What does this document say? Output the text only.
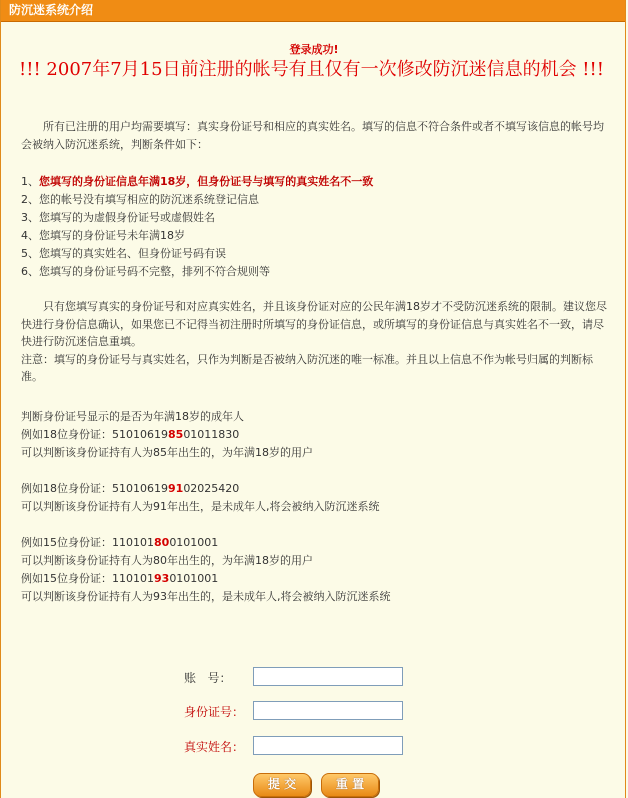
防沉迷系统介绍
登录成功!
!!! 2007年7月15日前注册的帐号有且仅有一次修改防沉迷信息的机会 !!!
所有已注册的用户均需要填写：真实身份证号和相应的真实姓名。填写的信息不符合条件或者不填写该信息的帐号均会被纳入防沉迷系统，判断条件如下：
1、您填写的身份证信息年满18岁，但身份证号与填写的真实姓名不一致
2、您的帐号没有填写相应的防沉迷系统登记信息
3、您填写的为虚假身份证号或虚假姓名
4、您填写的身份证号未年满18岁
5、您填写的真实姓名、但身份证号码有误
6、您填写的身份证号码不完整，排列不符合规则等
只有您填写真实的身份证号和对应真实姓名，并且该身份证对应的公民年满18岁才不受防沉迷系统的限制。建议您尽快进行身份信息确认，如果您已不记得当初注册时所填写的身份证信息，或所填写的身份证信息与真实姓名不一致，请尽快进行防沉迷信息重填。
注意：填写的身份证号与真实姓名，只作为判断是否被纳入防沉迷的唯一标准。并且以上信息不作为帐号归属的判断标准。
判断身份证号显示的是否为年满18岁的成年人
例如18位身份证：510106198501011830
可以判断该身份证持有人为85年出生的，为年满18岁的用户
例如18位身份证：510106199102025420
可以判断该身份证持有人为91年出生，是未成年人,将会被纳入防沉迷系统
例如15位身份证：110101800101001
可以判断该身份证持有人为80年出生的，为年满18岁的用户
例如15位身份证：110101930101001
可以判断该身份证持有人为93年出生的，是未成年人,将会被纳入防沉迷系统
账   号：
身份证号：
真实姓名：
提 交	重 置
